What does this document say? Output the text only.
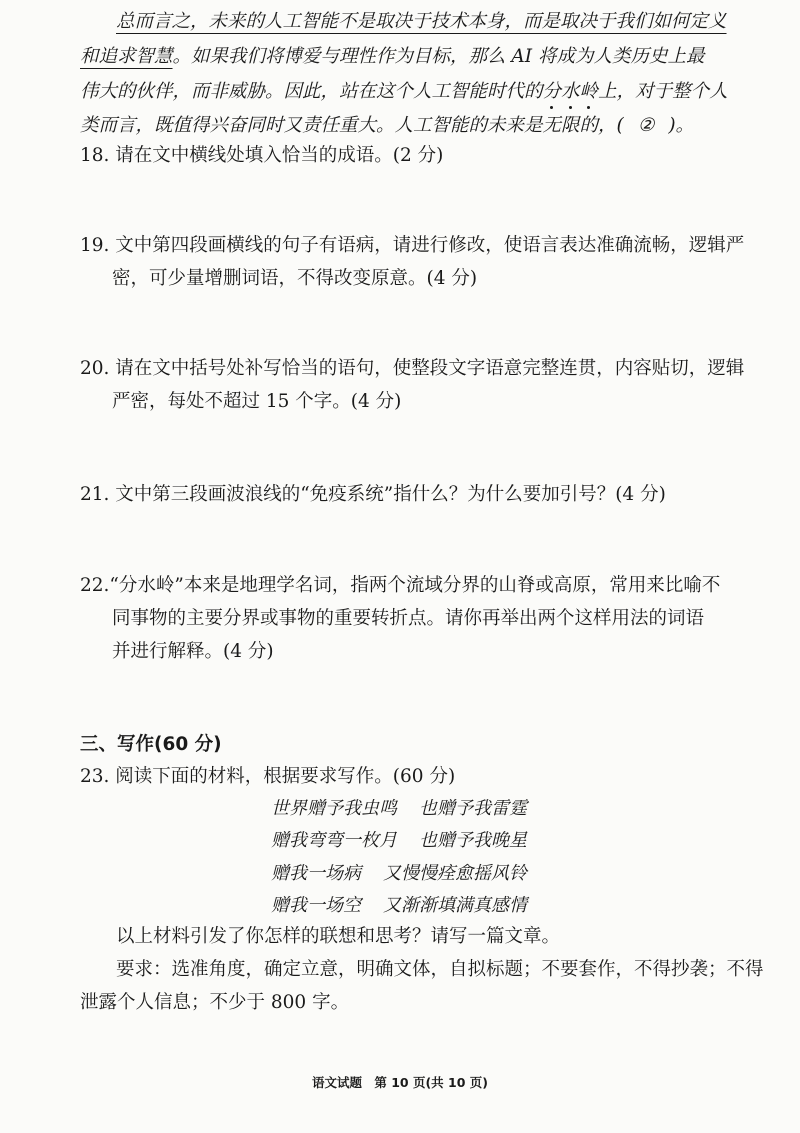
总而言之，未来的人工智能不是取决于技术本身，而是取决于我们如何定义
和追求智慧。如果我们将博爱与理性作为目标，那么 AI 将成为人类历史上最
伟大的伙伴，而非威胁。因此，站在这个人工智能时代的分水岭上，对于整个人
类而言，既值得兴奋同时又责任重大。人工智能的未来是无限的，( ② )。
18. 请在文中横线处填入恰当的成语。(2 分)
19. 文中第四段画横线的句子有语病，请进行修改，使语言表达准确流畅，逻辑严
密，可少量增删词语，不得改变原意。(4 分)
20. 请在文中括号处补写恰当的语句，使整段文字语意完整连贯，内容贴切，逻辑
严密，每处不超过 15 个字。(4 分)
21. 文中第三段画波浪线的“免疫系统”指什么？为什么要加引号？(4 分)
22.“分水岭”本来是地理学名词，指两个流域分界的山脊或高原，常用来比喻不
同事物的主要分界或事物的重要转折点。请你再举出两个这样用法的词语
并进行解释。(4 分)
三、写作(60 分)
23. 阅读下面的材料，根据要求写作。(60 分)
世界赠予我虫鸣 也赠予我雷霆
赠我弯弯一枚月 也赠予我晚星
赠我一场病 又慢慢痊愈摇风铃
赠我一场空 又渐渐填满真感情
以上材料引发了你怎样的联想和思考？请写一篇文章。
要求：选准角度，确定立意，明确文体，自拟标题；不要套作，不得抄袭；不得
泄露个人信息；不少于 800 字。
语文试题 第 10 页(共 10 页)
